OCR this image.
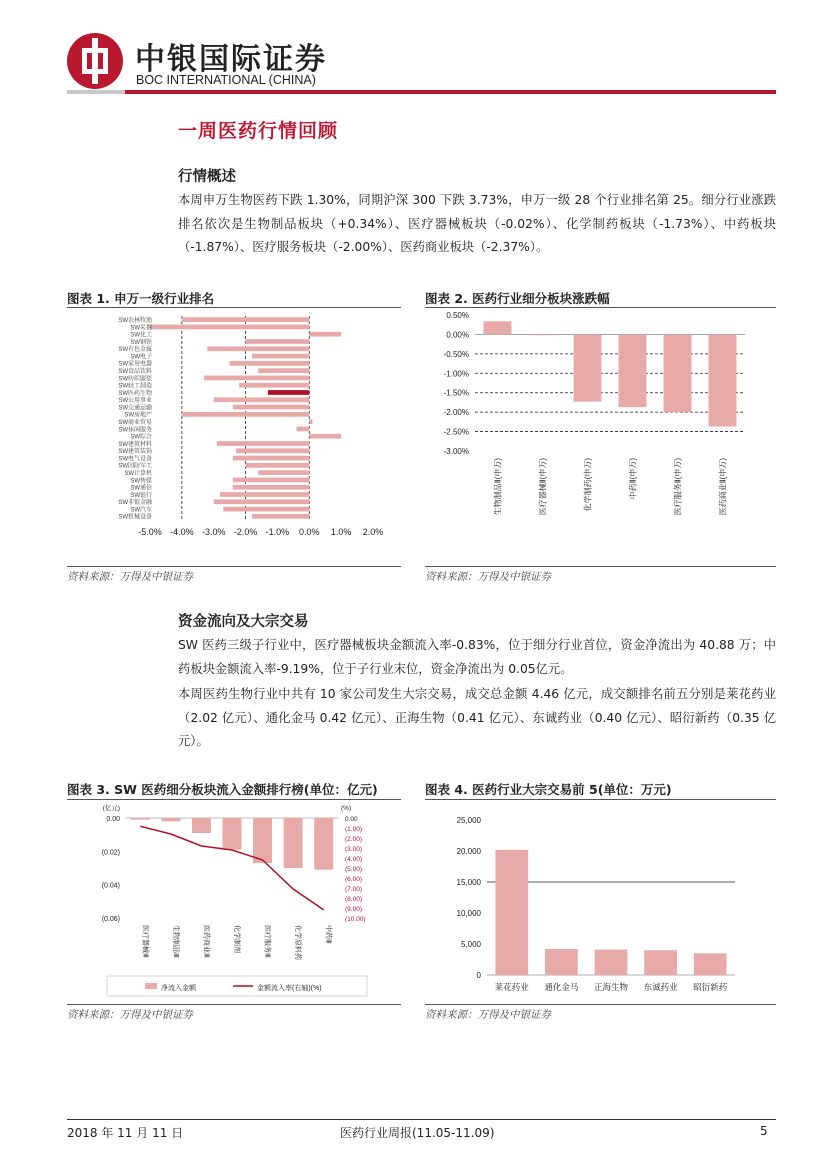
中银国际证券
BOC INTERNATIONAL (CHINA)
一周医药行情回顾
行情概述
本周申万生物医药下跌 1.30%，同期沪深 300 下跌 3.73%，申万一级 28 个行业排名第 25。细分行业涨跌排名依次是生物制品板块（+0.34%）、医疗器械板块（-0.02%）、化学制药板块（-1.73%）、中药板块（-1.87%）、医疗服务板块（-2.00%）、医药商业板块（-2.37%）。
图表 1. 申万一级行业排名
SW农林牧渔
SW采掘
SW化工
SW钢铁
SW有色金属
SW电子
SW家用电器
SW食品饮料
SW纺织服装
SW轻工制造
SW医药生物
SW公用事业
SW交通运输
SW房地产
SW商业贸易
SW休闲服务
SW综合
SW建筑材料
SW建筑装饰
SW电气设备
SW国防军工
SW计算机
SW传媒
SW通信
SW银行
SW非银金融
SW汽车
SW机械设备
-5.0% -4.0% -3.0% -2.0% -1.0% 0.0% 1.0% 2.0%
资料来源：万得及中银证券
图表 2. 医药行业细分板块涨跌幅
0.50%
0.00%
-0.50%
-1.00%
-1.50%
-2.00%
-2.50%
-3.00%
生物制品Ⅱ(申万)	医疗器械Ⅱ(申万)	化学制药(申万)	中药Ⅱ(申万)	医疗服务Ⅱ(申万)	医药商业Ⅱ(申万)
资料来源：万得及中银证券
资金流向及大宗交易
SW 医药三级子行业中，医疗器械板块金额流入率-0.83%，位于细分行业首位，资金净流出为 40.88 万；中药板块金额流入率-9.19%，位于子行业末位，资金净流出为 0.05亿元。
本周医药生物行业中共有 10 家公司发生大宗交易，成交总金额 4.46 亿元，成交额排名前五分别是莱花药业（2.02 亿元）、通化金马 0.42 亿元）、正海生物（0.41 亿元）、东诚药业（0.40 亿元）、昭衍新药（0.35 亿元）。
图表 3. SW 医药细分板块流入金额排行榜(单位：亿元)
(亿元)	(%)
0.00
(0.02)
(0.04)
(0.06)
0.00
(1.00)
(2.00)
(3.00)
(4.00)
(5.00)
(6.00)
(7.00)
(8.00)
(9.00)
(10.00)
医疗器械Ⅲ	生物制品Ⅲ	医药商业Ⅲ	化学制剂	医疗服务Ⅲ	化学原料药	中药Ⅲ
净流入金额	金额流入率(右轴)(%)
资料来源：万得及中银证券
图表 4. 医药行业大宗交易前 5(单位：万元)
25,000
20,000
15,000
10,000
5,000
0
莱花药业 通化金马 正海生物 东诚药业 昭衍新药
资料来源：万得及中银证券
2018 年 11 月 11 日	医药行业周报(11.05-11.09)	5
